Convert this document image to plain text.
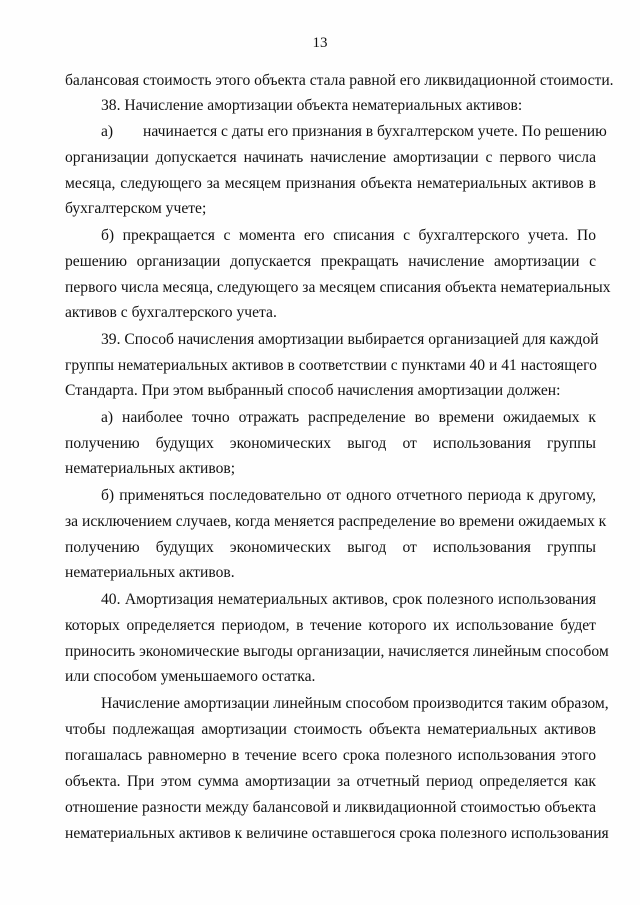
13
балансовая стоимость этого объекта стала равной его ликвидационной стоимости.
38. Начисление амортизации объекта нематериальных активов:
а) начинается с даты его признания в бухгалтерском учете. По решению
организации допускается начинать начисление амортизации с первого числа
месяца, следующего за месяцем признания объекта нематериальных активов в
бухгалтерском учете;
б) прекращается с момента его списания с бухгалтерского учета. По
решению организации допускается прекращать начисление амортизации с
первого числа месяца, следующего за месяцем списания объекта нематериальных
активов с бухгалтерского учета.
39. Способ начисления амортизации выбирается организацией для каждой
группы нематериальных активов в соответствии с пунктами 40 и 41 настоящего
Стандарта. При этом выбранный способ начисления амортизации должен:
а) наиболее точно отражать распределение во времени ожидаемых к
получению будущих экономических выгод от использования группы
нематериальных активов;
б) применяться последовательно от одного отчетного периода к другому,
за исключением случаев, когда меняется распределение во времени ожидаемых к
получению будущих экономических выгод от использования группы
нематериальных активов.
40. Амортизация нематериальных активов, срок полезного использования
которых определяется периодом, в течение которого их использование будет
приносить экономические выгоды организации, начисляется линейным способом
или способом уменьшаемого остатка.
Начисление амортизации линейным способом производится таким образом,
чтобы подлежащая амортизации стоимость объекта нематериальных активов
погашалась равномерно в течение всего срока полезного использования этого
объекта. При этом сумма амортизации за отчетный период определяется как
отношение разности между балансовой и ликвидационной стоимостью объекта
нематериальных активов к величине оставшегося срока полезного использования
